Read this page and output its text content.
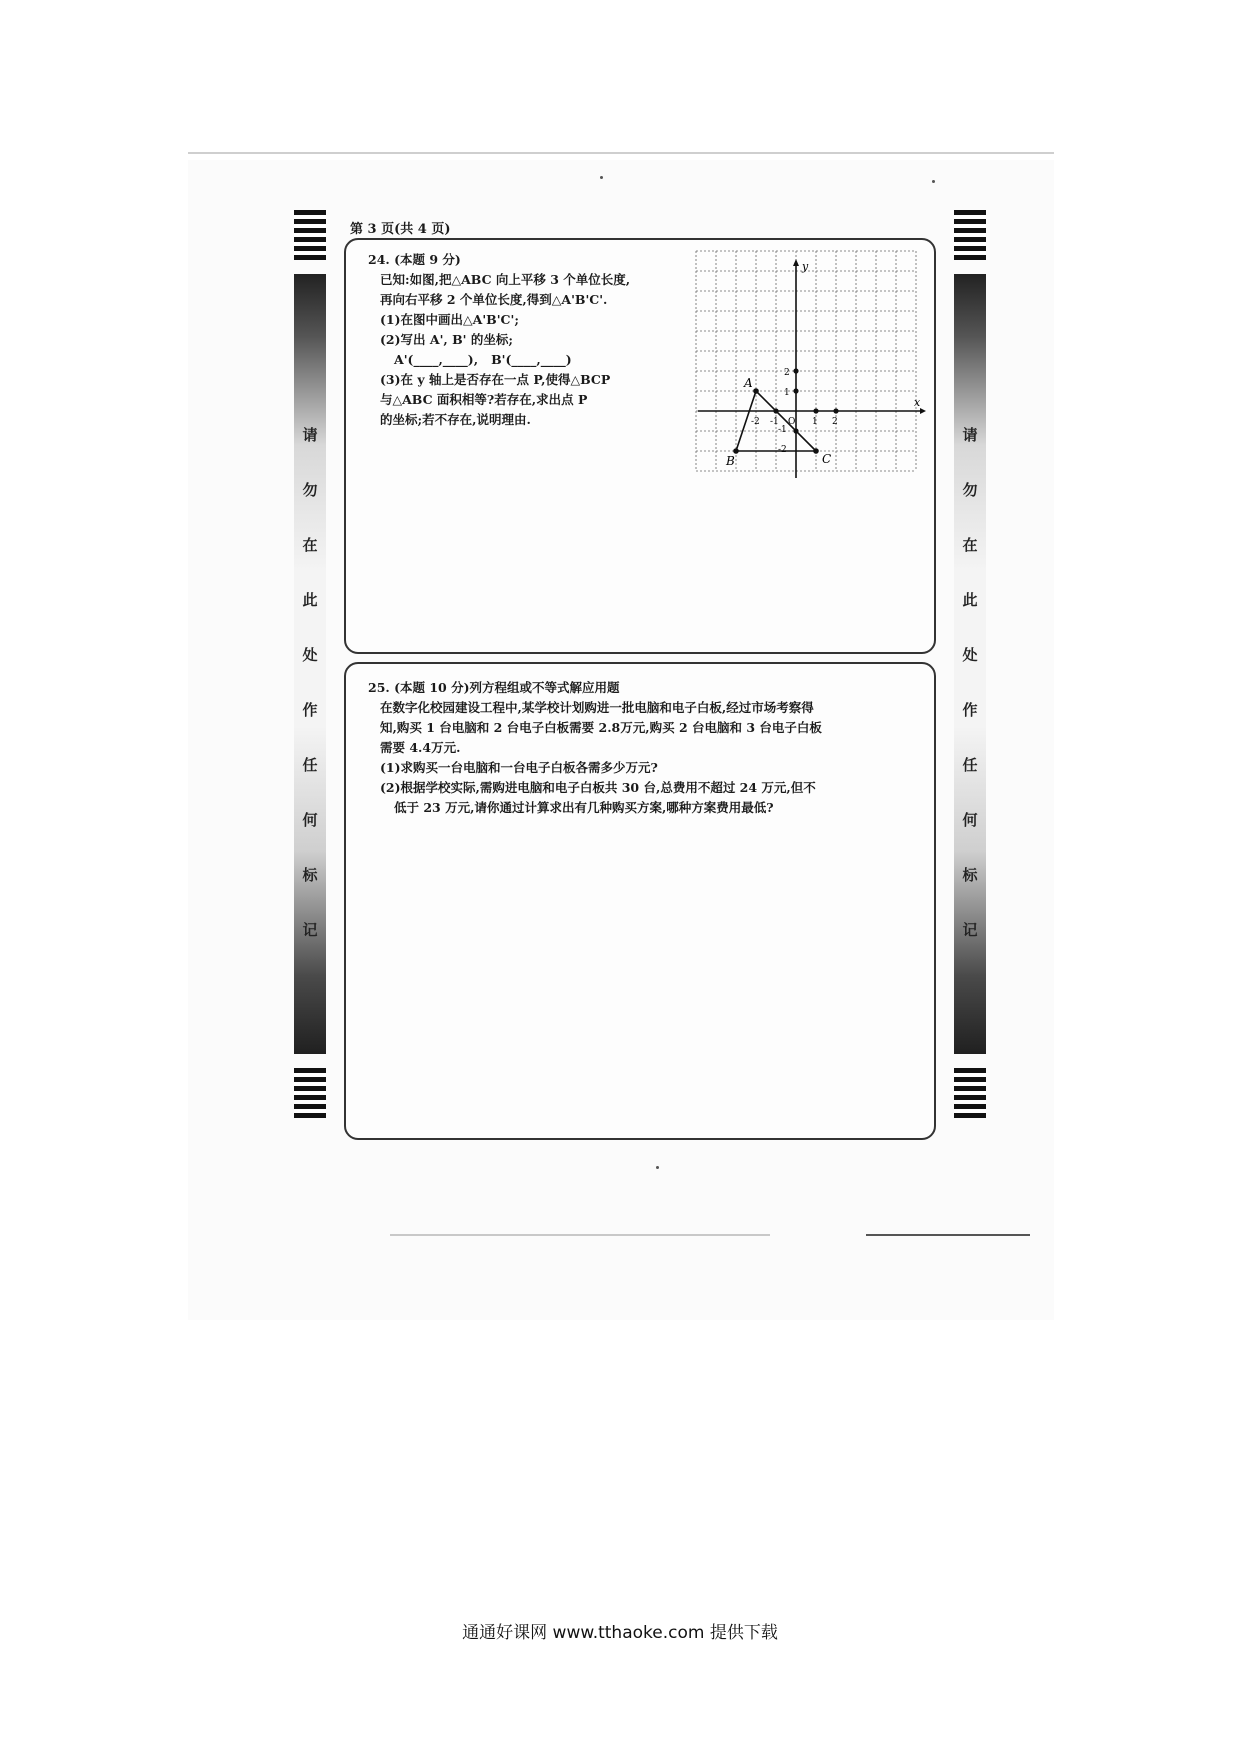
请
勿
在
此
处
作
任
何
标
记
请
勿
在
此
处
作
任
何
标
记
第 3 页(共 4 页)

24. (本题 9 分)

已知:如图,把△ABC 向上平移 3 个单位长度,

再向右平移 2 个单位长度,得到△A'B'C'.

(1)在图中画出△A'B'C';

(2)写出 A', B' 的坐标;

A'(____,____),   B'(____,____)

(3)在 y 轴上是否存在一点 P,使得△BCP

与△ABC 面积相等?若存在,求出点 P

的坐标;若不存在,说明理由.

x
y
O
-2 -1	1 2
2
1
-1
-2
A
B	C

25. (本题 10 分)列方程组或不等式解应用题

在数字化校园建设工程中,某学校计划购进一批电脑和电子白板,经过市场考察得

知,购买 1 台电脑和 2 台电子白板需要 2.8万元,购买 2 台电脑和 3 台电子白板

需要 4.4万元.

(1)求购买一台电脑和一台电子白板各需多少万元?

(2)根据学校实际,需购进电脑和电子白板共 30 台,总费用不超过 24 万元,但不

低于 23 万元,请你通过计算求出有几种购买方案,哪种方案费用最低?

通通好课网 www.tthaoke.com 提供下载
